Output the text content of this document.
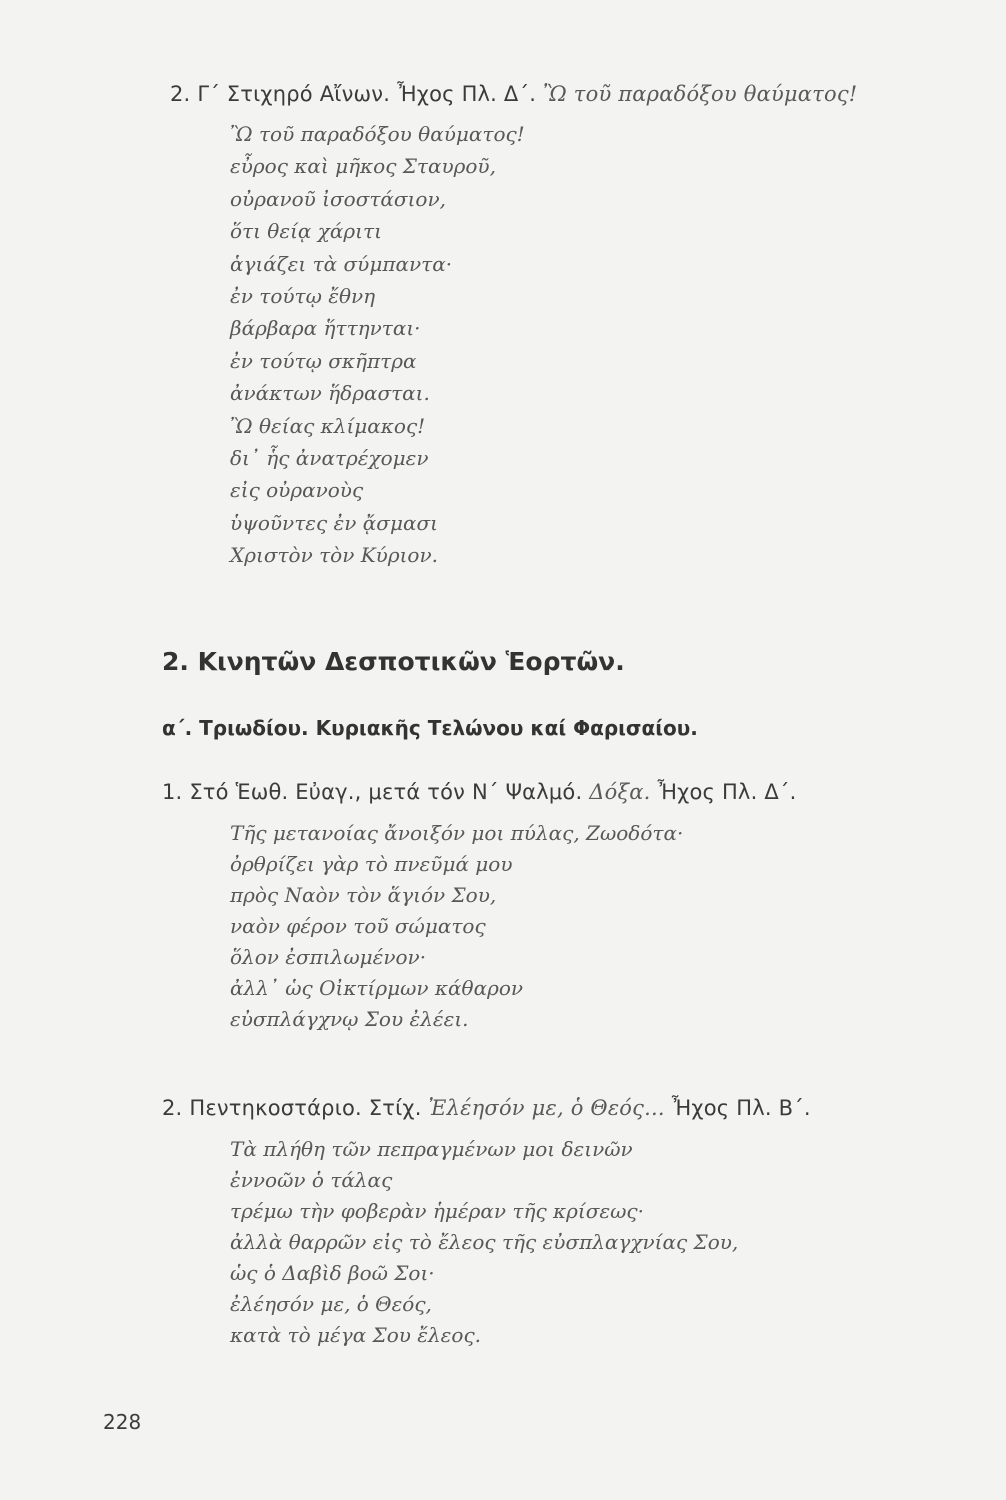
2. Γ΄ Στιχηρό Αἴνων. Ἦχος Πλ. Δ΄. Ὢ τοῦ παραδόξου θαύματος!
Ὢ τοῦ παραδόξου θαύματος!
εὖρος καὶ μῆκος Σταυροῦ,
οὐρανοῦ ἰσοστάσιον,
ὅτι θείᾳ χάριτι
ἁγιάζει τὰ σύμπαντα·
ἐν τούτῳ ἔθνη
βάρβαρα ἥττηνται·
ἐν τούτῳ σκῆπτρα
ἀνάκτων ἥδρασται.
Ὢ θείας κλίμακος!
δι᾿ ἧς ἀνατρέχομεν
εἰς οὐρανοὺς
ὑψοῦντες ἐν ᾄσμασι
Χριστὸν τὸν Κύριον.
2. Κινητῶν Δεσποτικῶν Ἑορτῶν.
α΄. Τριωδίου. Κυριακῆς Τελώνου καί Φαρισαίου.
1. Στό Ἑωθ. Εὐαγ., μετά τόν Ν΄ Ψαλμό. Δόξα. Ἦχος Πλ. Δ΄.
Τῆς μετανοίας ἄνοιξόν μοι πύλας, Ζωοδότα·
ὀρθρίζει γὰρ τὸ πνεῦμά μου
πρὸς Ναὸν τὸν ἅγιόν Σου,
ναὸν φέρον τοῦ σώματος
ὅλον ἐσπιλωμένον·
ἀλλ᾿ ὡς Οἰκτίρμων κάθαρον
εὐσπλάγχνῳ Σου ἐλέει.
2. Πεντηκοστάριο. Στίχ. Ἐλέησόν με, ὁ Θεός... Ἦχος Πλ. Β΄.
Τὰ πλήθη τῶν πεπραγμένων μοι δεινῶν
ἐννοῶν ὁ τάλας
τρέμω τὴν φοβερὰν ἡμέραν τῆς κρίσεως·
ἀλλὰ θαρρῶν εἰς τὸ ἔλεος τῆς εὐσπλαγχνίας Σου,
ὡς ὁ Δαβὶδ βοῶ Σοι·
ἐλέησόν με, ὁ Θεός,
κατὰ τὸ μέγα Σου ἔλεος.
228
